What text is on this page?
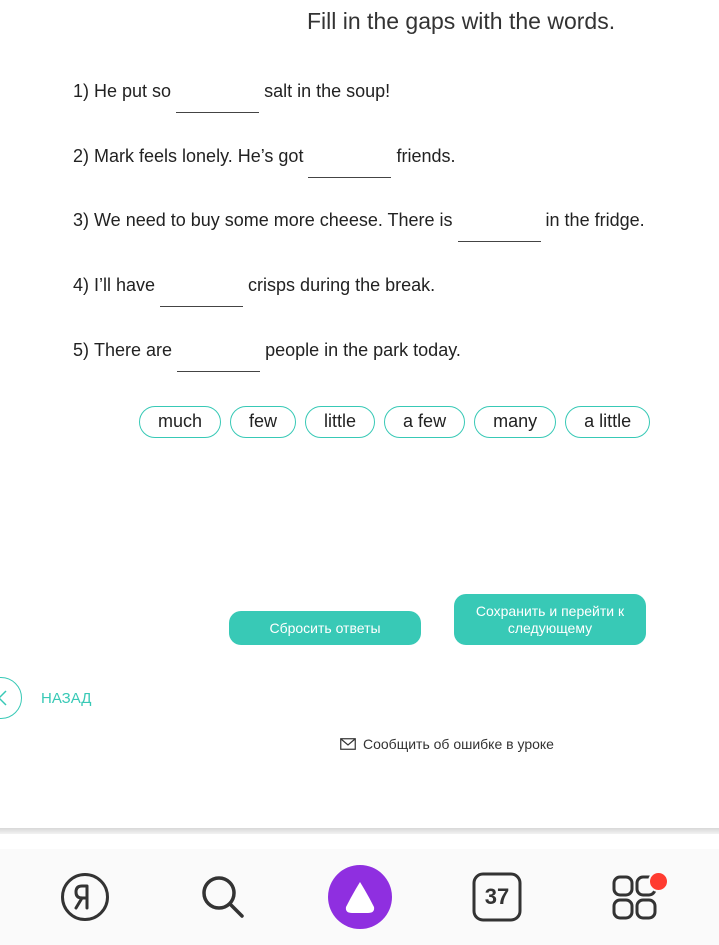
Fill in the gaps with the words.
1) He put so	salt in the soup!
2) Mark feels lonely. He’s got	friends.
3) We need to buy some more cheese. There is	in the fridge.
4) I’ll have	crisps during the break.
5) There are	people in the park today.
much	few	little	a few	many	a little
Сбросить ответы
Сохранить и перейти к следующему
НАЗАД
Сообщить об ошибке в уроке
37
